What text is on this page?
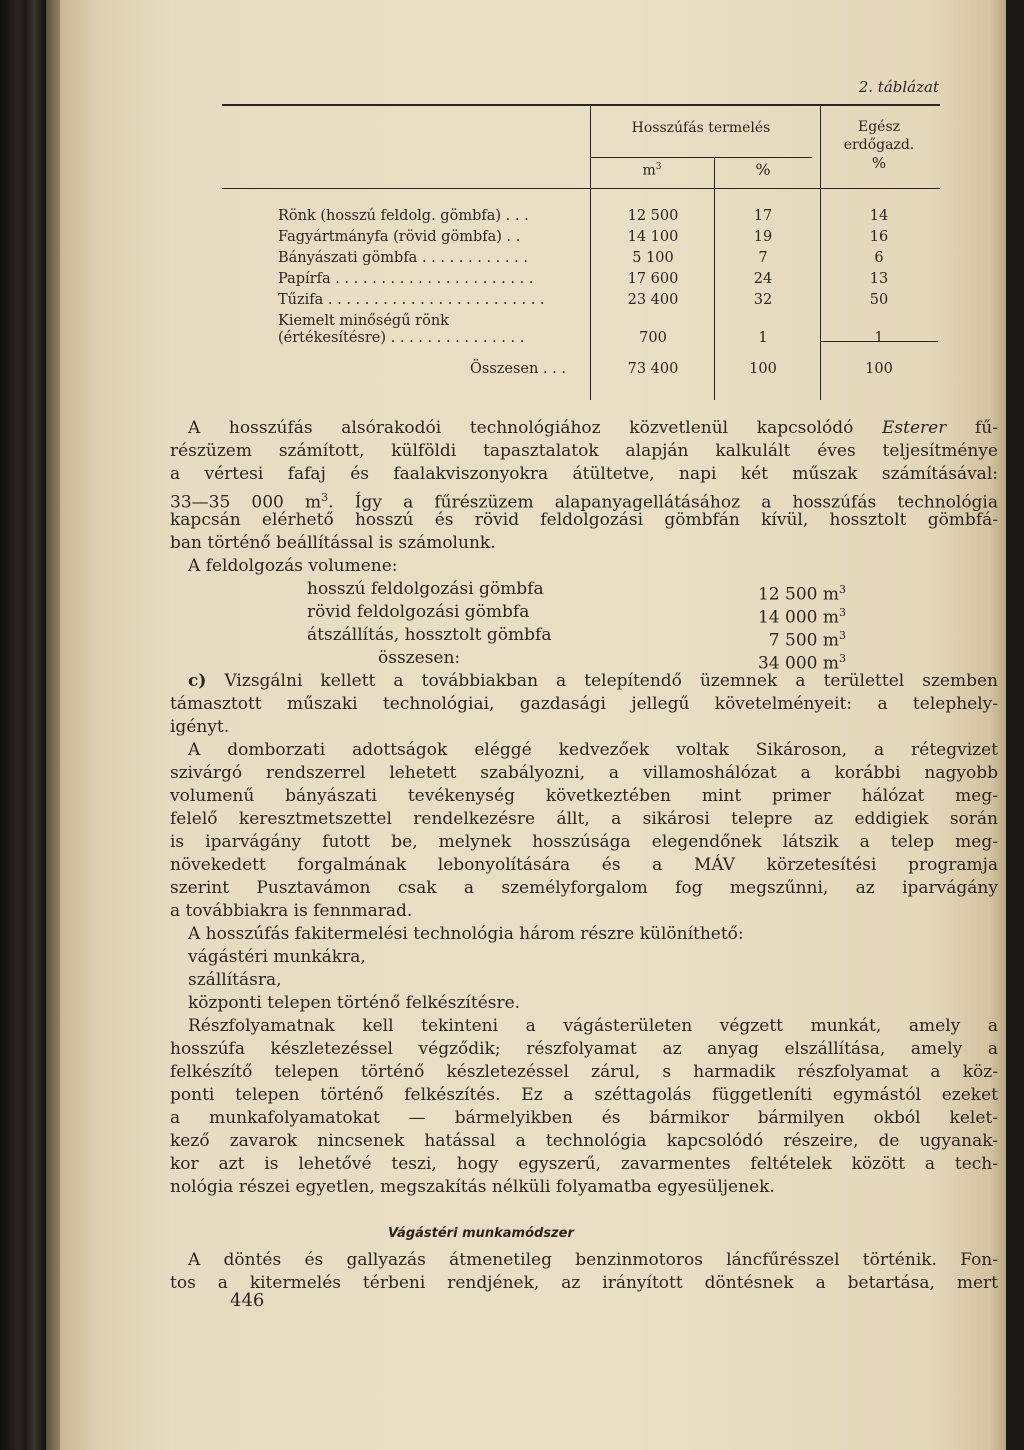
2. táblázat
Hosszúfás termelés
$m^3$	%
Egész
erdőgazd.
%
Rönk (hosszú feldolg. gömbfa) . . .	12 500	17	14
Fagyártmányfa (rövid gömbfa) . .	14 100	19	16
Bányászati gömbfa . . . . . . . . . . . .	5 100	7	6
Papírfa . . . . . . . . . . . . . . . . . . . . . .	17 600	24	13
Tűzifa . . . . . . . . . . . . . . . . . . . . . . . .	23 400	32	50
Kiemelt minőségű rönk
(értékesítésre) . . . . . . . . . . . . . . .	700	1	1
Összesen . . .	73 400	100	100
A hosszúfás alsórakodói technológiához közvetlenül kapcsolódó Esterer fű-
részüzem számított, külföldi tapasztalatok alapján kalkulált éves teljesítménye
a vértesi fafaj és faalakviszonyokra átültetve, napi két műszak számításával:
33—35 000 $m^3$. Így a fűrészüzem alapanyagellátásához a hosszúfás technológia
kapcsán elérhető hosszú és rövid feldolgozási gömbfán kívül, hossztolt gömbfá-
ban történő beállítással is számolunk.
A feldolgozás volumene:
hosszú feldolgozási gömbfa	12 500 $m^3$
rövid feldolgozási gömbfa	14 000 $m^3$
átszállítás, hossztolt gömbfa	7 500 $m^3$
összesen:	34 000 $m^3$
c) Vizsgálni kellett a továbbiakban a telepítendő üzemnek a területtel szemben
támasztott műszaki technológiai, gazdasági jellegű követelményeit: a telephely-
igényt.
A domborzati adottságok eléggé kedvezőek voltak Sikároson, a rétegvizet
szivárgó rendszerrel lehetett szabályozni, a villamoshálózat a korábbi nagyobb
volumenű bányászati tevékenység következtében mint primer hálózat meg-
felelő keresztmetszettel rendelkezésre állt, a sikárosi telepre az eddigiek során
is iparvágány futott be, melynek hosszúsága elegendőnek látszik a telep meg-
növekedett forgalmának lebonyolítására és a MÁV körzetesítési programja
szerint Pusztavámon csak a személyforgalom fog megszűnni, az iparvágány
a továbbiakra is fennmarad.
A hosszúfás fakitermelési technológia három részre különíthető:
vágástéri munkákra,
szállításra,
központi telepen történő felkészítésre.
Részfolyamatnak kell tekinteni a vágásterületen végzett munkát, amely a
hosszúfa készletezéssel végződik; részfolyamat az anyag elszállítása, amely a
felkészítő telepen történő készletezéssel zárul, s harmadik részfolyamat a köz-
ponti telepen történő felkészítés. Ez a széttagolás függetleníti egymástól ezeket
a munkafolyamatokat — bármelyikben és bármikor bármilyen okból kelet-
kező zavarok nincsenek hatással a technológia kapcsolódó részeire, de ugyanak-
kor azt is lehetővé teszi, hogy egyszerű, zavarmentes feltételek között a tech-
nológia részei egyetlen, megszakítás nélküli folyamatba egyesüljenek.
Vágástéri munkamódszer
A döntés és gallyazás átmenetileg benzinmotoros láncfűrésszel történik. Fon-
tos a kitermelés térbeni rendjének, az irányított döntésnek a betartása, mert
446
